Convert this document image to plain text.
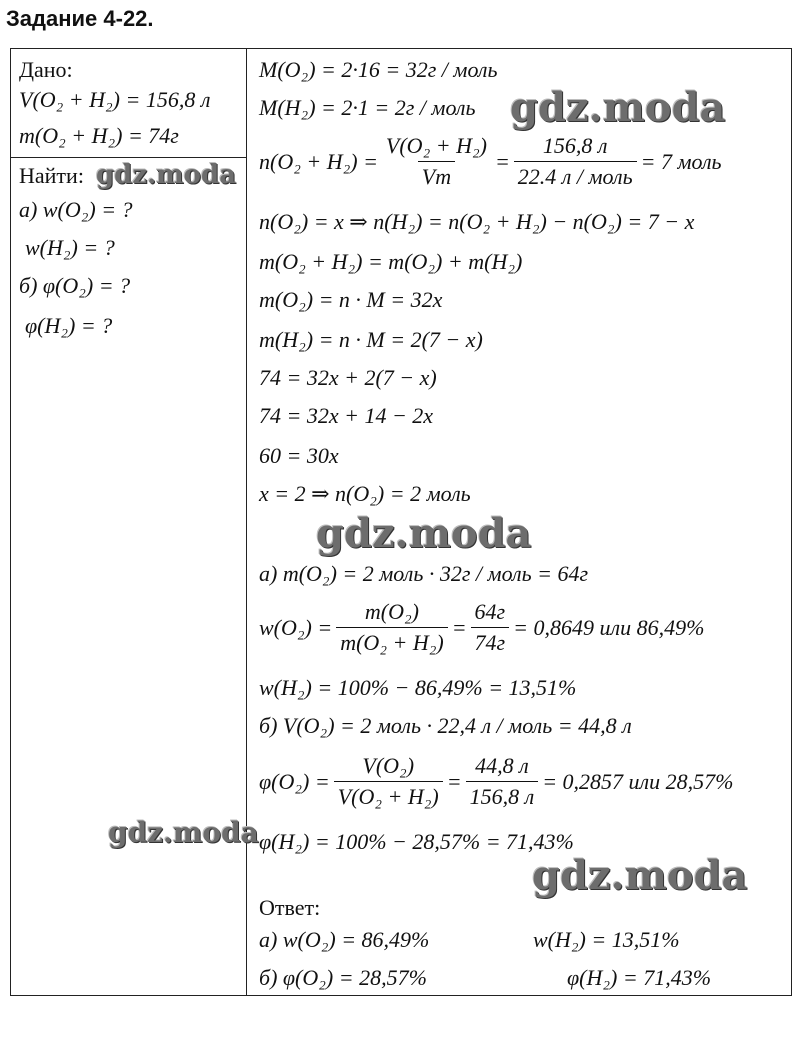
Задание 4-22.
Дано:
V(O₂ + H₂) = 156,8 л
m(O₂ + H₂) = 74г
Найти:
а) w(O₂) = ?
w(H₂) = ?
б) φ(O₂) = ?
φ(H₂) = ?
M(O₂) = 2·16 = 32г / моль
M(H₂) = 2·1 = 2г / моль
$n(O_2 + H_2) = \frac{\text{V(O₂ + H₂)}}{Vm} = \frac{156,8 л}{\text{22.4 л / моль}} = 7$ моль
n(O₂) = x ⇒ n(H₂) = n(O₂ + H₂) − n(O₂) = 7 − x
m(O₂ + H₂) = m(O₂) + m(H₂)
m(O₂) = n · M = 32x
m(H₂) = n · M = 2(7 − x)
74 = 32x + 2(7 − x)
74 = 32x + 14 − 2x
60 = 30x
x = 2 ⇒ n(O₂) = 2 моль
а) m(O₂) = 2 моль · 32г / моль = 64г
$w(O_2) = \frac{\text{m(O₂)}}{\text{m(O₂ + H₂)}} = \frac{64г}{74г} = 0,8649$ или 86,49%
w(H₂) = 100% − 86,49% = 13,51%
б) V(O₂) = 2 моль · 22,4 л / моль = 44,8 л
$\varphi(O_2) = \frac{\text{V(O₂)}}{\text{V(O₂ + H₂)}} = \frac{44,8 л}{156,8 л} = 0,2857$ или 28,57%
φ(H₂) = 100% − 28,57% = 71,43%
Ответ:
а) w(O₂) = 86,49%	w(H₂) = 13,51%
б) φ(O₂) = 28,57%	φ(H₂) = 71,43%
gdz.moda
gdz.moda
gdz.moda
gdz.moda
gdz.moda
